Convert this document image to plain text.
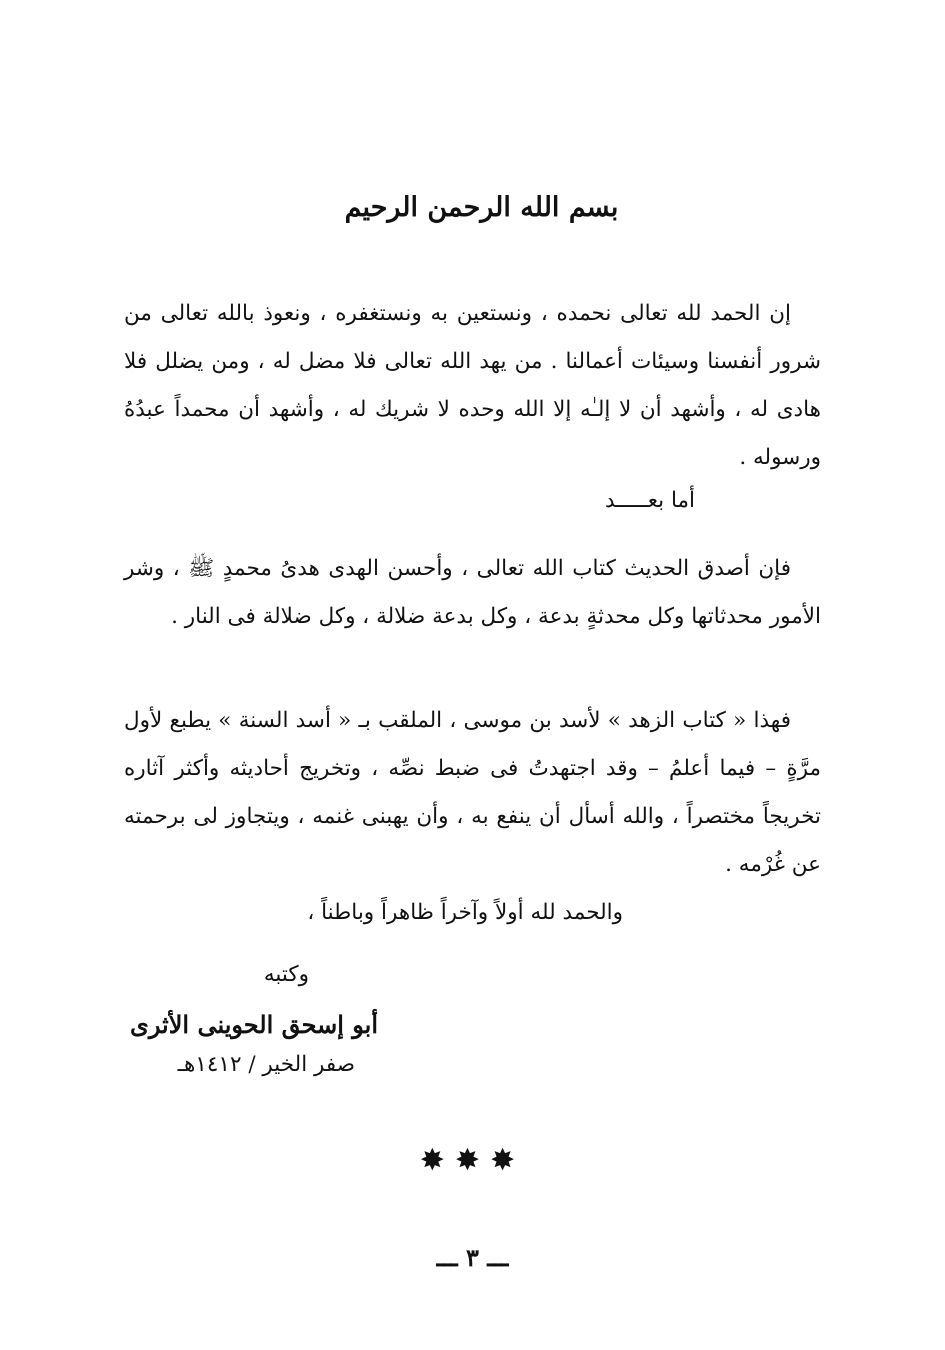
بسم الله الرحمن الرحيم
إن الحمد لله تعالى نحمده ، ونستعين به ونستغفره ، ونعوذ بالله تعالى من شرور أنفسنا وسيئات أعمالنا . من يهد الله تعالى فلا مضل له ، ومن يضلل فلا هادى له ، وأشهد أن لا إلـٰه إلا الله وحده لا شريك له ، وأشهد أن محمداً عبدُهُ ورسوله .
أما بعـــــد
فإن أصدق الحديث كتاب الله تعالى ، وأحسن الهدى هدىُ محمدٍ ﷺ ، وشر الأمور محدثاتها وكل محدثةٍ بدعة ، وكل بدعة ضلالة ، وكل ضلالة فى النار .
فهذا « كتاب الزهد » لأسد بن موسى ، الملقب بـ « أسد السنة » يطبع لأول مرَّةٍ – فيما أعلمُ – وقد اجتهدتُ فى ضبط نصِّه ، وتخريج أحاديثه وأكثر آثاره تخريجاً مختصراً ، والله أسأل أن ينفع به ، وأن يهبنى غنمه ، ويتجاوز لى برحمته عن غُرْمه .
والحمد لله أولاً وآخراً ظاهراً وباطناً ،
وكتبه
أبو إسحق الحوينى الأثرى
صفر الخير / ١٤١٢هـ
✸✸✸
ـــ ٣ ـــ
